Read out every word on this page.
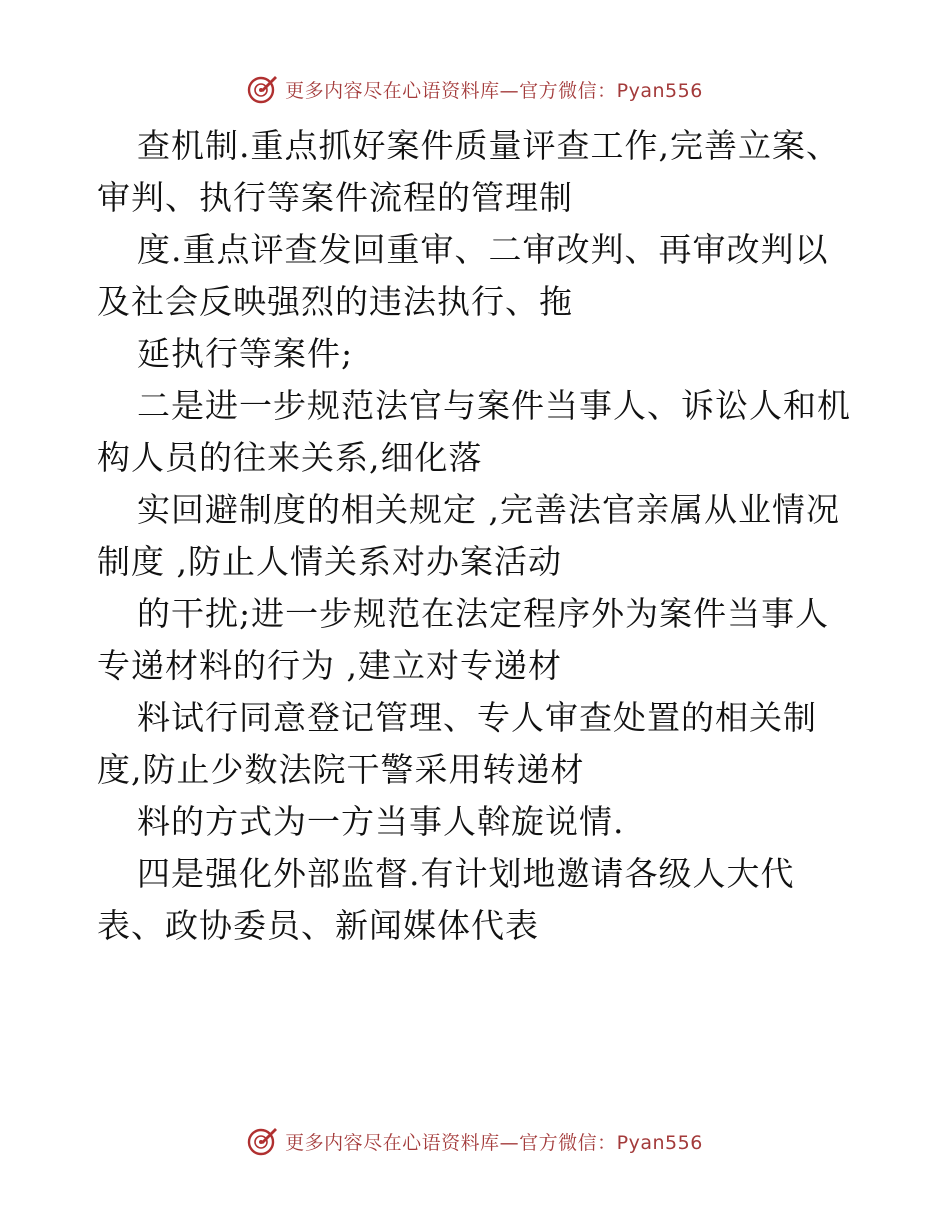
更多内容尽在心语资料库—官方微信：Pyan556
查机制.重点抓好案件质量评查工作,完善立案、
审判、执行等案件流程的管理制
度.重点评查发回重审、二审改判、再审改判以
及社会反映强烈的违法执行、拖
延执行等案件;
二是进一步规范法官与案件当事人、诉讼人和机
构人员的往来关系,细化落
实回避制度的相关规定 ,完善法官亲属从业情况
制度 ,防止人情关系对办案活动
的干扰;进一步规范在法定程序外为案件当事人
专递材料的行为 ,建立对专递材
料试行同意登记管理、专人审查处置的相关制
度,防止少数法院干警采用转递材
料的方式为一方当事人斡旋说情.
四是强化外部监督.有计划地邀请各级人大代
表、政协委员、新闻媒体代表
更多内容尽在心语资料库—官方微信：Pyan556
